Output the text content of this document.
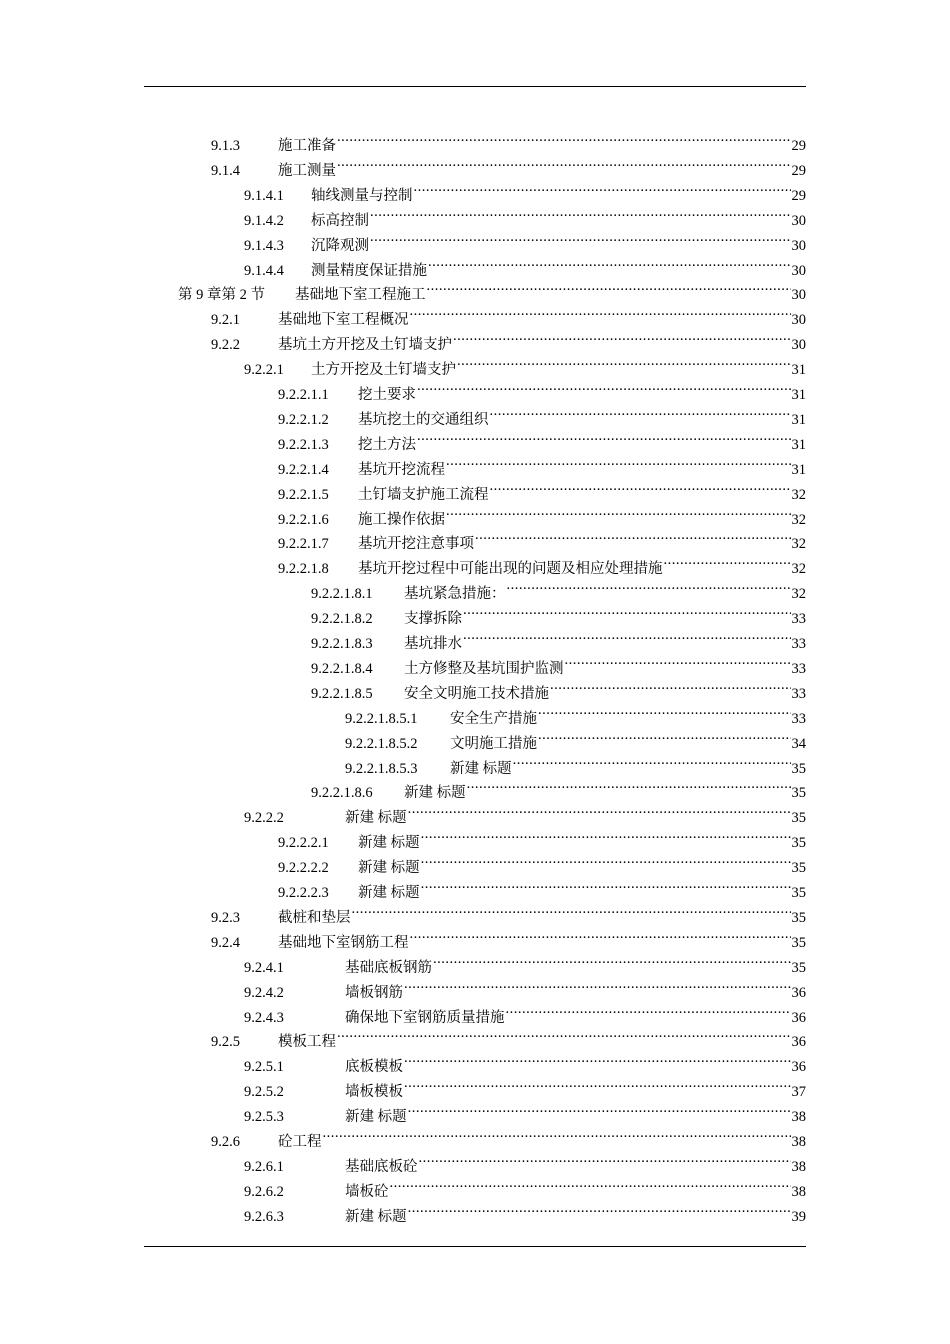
9.1.3	施工准备 .....	29
9.1.4	施工测量 .....	29
9.1.4.1	轴线测量与控制 .....	29
9.1.4.2	标高控制 .....	30
9.1.4.3	沉降观测 .....	30
9.1.4.4	测量精度保证措施 .....	30
第 9 章第 2 节	基础地下室工程施工 .....	30
9.2.1	基础地下室工程概况 .....	30
9.2.2	基坑土方开挖及土钉墙支护 .....	30
9.2.2.1	土方开挖及土钉墙支护 .....	31
9.2.2.1.1	挖土要求 .....	31
9.2.2.1.2	基坑挖土的交通组织 .....	31
9.2.2.1.3	挖土方法 .....	31
9.2.2.1.4	基坑开挖流程 .....	31
9.2.2.1.5	土钉墙支护施工流程 .....	32
9.2.2.1.6	施工操作依据 .....	32
9.2.2.1.7	基坑开挖注意事项 .....	32
9.2.2.1.8	基坑开挖过程中可能出现的问题及相应处理措施 .....	32
9.2.2.1.8.1	基坑紧急措施： .....	32
9.2.2.1.8.2	支撑拆除 .....	33
9.2.2.1.8.3	基坑排水 .....	33
9.2.2.1.8.4	土方修整及基坑围护监测 .....	33
9.2.2.1.8.5	安全文明施工技术措施 .....	33
9.2.2.1.8.5.1	安全生产措施 .....	33
9.2.2.1.8.5.2	文明施工措施 .....	34
9.2.2.1.8.5.3	新建 标题 .....	35
9.2.2.1.8.6	新建 标题 .....	35
9.2.2.2	新建 标题 .....	35
9.2.2.2.1	新建 标题 .....	35
9.2.2.2.2	新建 标题 .....	35
9.2.2.2.3	新建 标题 .....	35
9.2.3	截桩和垫层 .....	35
9.2.4	基础地下室钢筋工程 .....	35
9.2.4.1	基础底板钢筋 .....	35
9.2.4.2	墙板钢筋 .....	36
9.2.4.3	确保地下室钢筋质量措施 .....	36
9.2.5	模板工程 .....	36
9.2.5.1	底板模板 .....	36
9.2.5.2	墙板模板 .....	37
9.2.5.3	新建 标题 .....	38
9.2.6	砼工程 .....	38
9.2.6.1	基础底板砼 .....	38
9.2.6.2	墙板砼 .....	38
9.2.6.3	新建 标题 .....	39
